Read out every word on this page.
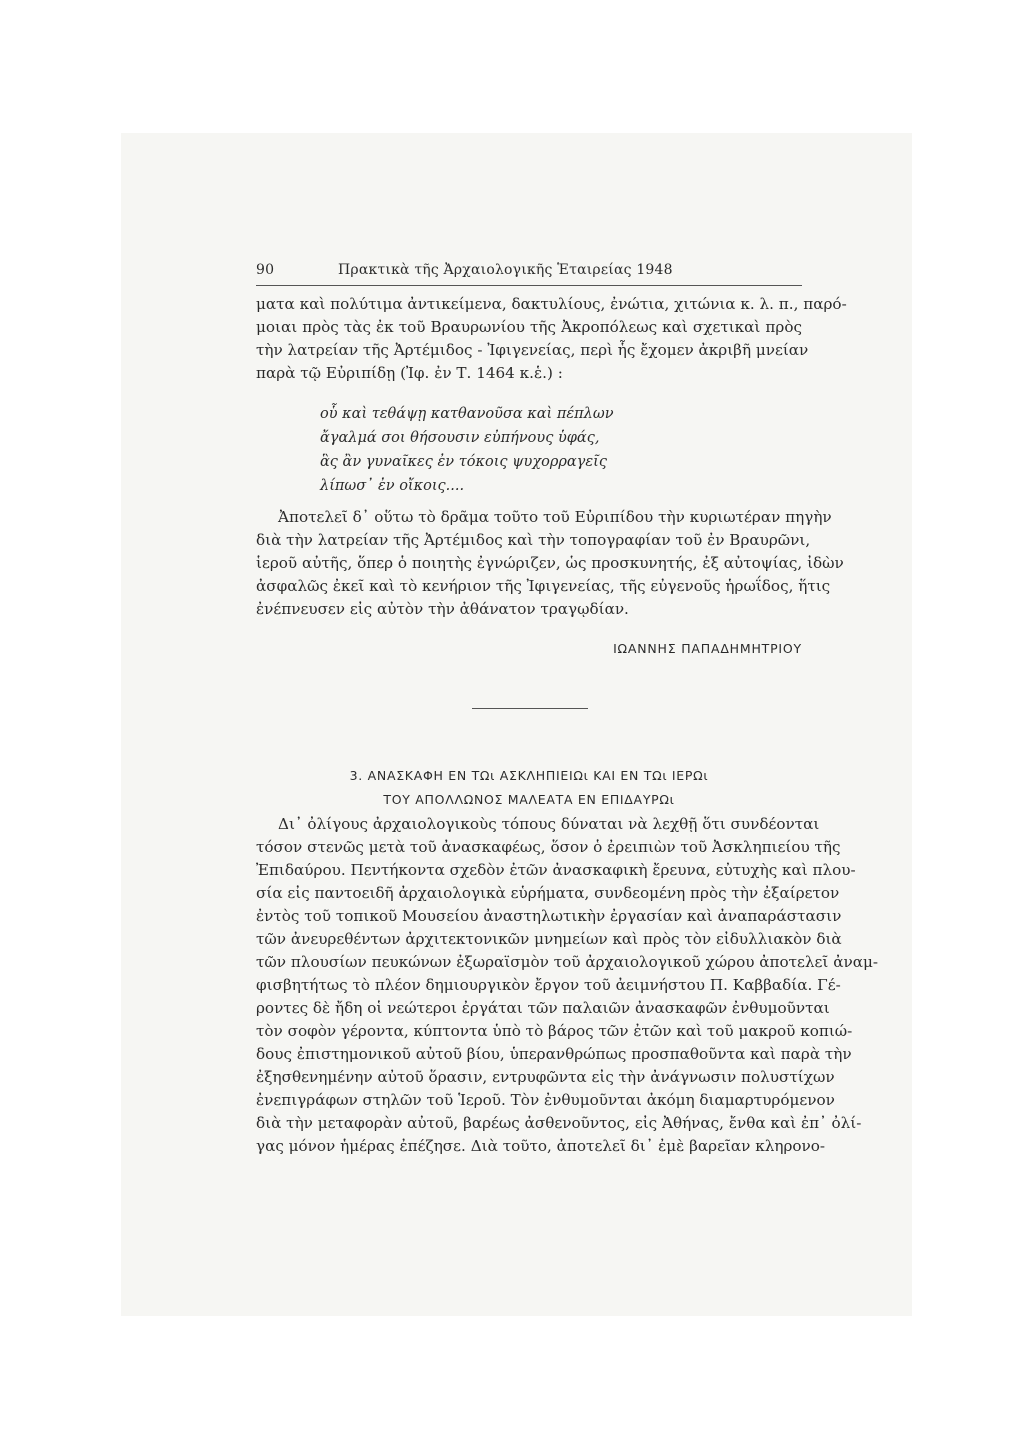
90	Πρακτικὰ τῆς Ἀρχαιολογικῆς Ἑταιρείας 1948
ματα καὶ πολύτιμα ἀντικείμενα, δακτυλίους, ἐνώτια, χιτώνια κ. λ. π., παρό-
μοιαι πρὸς τὰς ἐκ τοῦ Βραυρωνίου τῆς Ἀκροπόλεως καὶ σχετικαὶ πρὸς
τὴν λατρείαν τῆς Ἀρτέμιδος - Ἰφιγενείας, περὶ ἧς ἔχομεν ἀκριβῆ μνείαν
παρὰ τῷ Εὐριπίδῃ (Ἰφ. ἐν Τ. 1464 κ.ἑ.) :
οὗ καὶ τεθάψῃ κατθανοῦσα καὶ πέπλων
ἄγαλμά σοι θήσουσιν εὐπήνους ὑφάς,
ἃς ἂν γυναῖκες ἐν τόκοις ψυχορραγεῖς
λίπωσ᾽ ἐν οἴκοις....
Ἀποτελεῖ δ᾽ οὕτω τὸ δρᾶμα τοῦτο τοῦ Εὐριπίδου τὴν κυριωτέραν πηγὴν
διὰ τὴν λατρείαν τῆς Ἀρτέμιδος καὶ τὴν τοπογραφίαν τοῦ ἐν Βραυρῶνι,
ἱεροῦ αὐτῆς, ὅπερ ὁ ποιητὴς ἐγνώριζεν, ὡς προσκυνητής, ἐξ αὐτοψίας, ἰδὼν
ἀσφαλῶς ἐκεῖ καὶ τὸ κενήριον τῆς Ἰφιγενείας, τῆς εὐγενοῦς ἡρωΐδος, ἥτις
ἐνέπνευσεν εἰς αὐτὸν τὴν ἀθάνατον τραγῳδίαν.
ΙΩΑΝΝΗΣ ΠΑΠΑΔΗΜΗΤΡΙΟΥ
3. ΑΝΑΣΚΑΦΗ ΕΝ ΤΩι ΑΣΚΛΗΠΙΕΙΩι ΚΑΙ ΕΝ ΤΩι ΙΕΡΩι
ΤΟΥ ΑΠΟΛΛΩΝΟΣ ΜΑΛΕΑΤΑ ΕΝ ΕΠΙΔΑΥΡΩι
Δι᾽ ὀλίγους ἀρχαιολογικοὺς τόπους δύναται νὰ λεχθῇ ὅτι συνδέονται
τόσον στενῶς μετὰ τοῦ ἀνασκαφέως, ὅσον ὁ ἐρειπιὼν τοῦ Ἀσκληπιείου τῆς
Ἐπιδαύρου. Πεντήκοντα σχεδὸν ἐτῶν ἀνασκαφικὴ ἔρευνα, εὐτυχὴς καὶ πλου-
σία εἰς παντοειδῆ ἀρχαιολογικὰ εὑρήματα, συνδεομένη πρὸς τὴν ἐξαίρετον
ἐντὸς τοῦ τοπικοῦ Μουσείου ἀναστηλωτικὴν ἐργασίαν καὶ ἀναπαράστασιν
τῶν ἀνευρεθέντων ἀρχιτεκτονικῶν μνημείων καὶ πρὸς τὸν εἰδυλλιακὸν διὰ
τῶν πλουσίων πευκώνων ἐξωραϊσμὸν τοῦ ἀρχαιολογικοῦ χώρου ἀποτελεῖ ἀναμ-
φισβητήτως τὸ πλέον δημιουργικὸν ἔργον τοῦ ἀειμνήστου Π. Καββαδία. Γέ-
ροντες δὲ ἤδη οἱ νεώτεροι ἐργάται τῶν παλαιῶν ἀνασκαφῶν ἐνθυμοῦνται
τὸν σοφὸν γέροντα, κύπτοντα ὑπὸ τὸ βάρος τῶν ἐτῶν καὶ τοῦ μακροῦ κοπιώ-
δους ἐπιστημονικοῦ αὐτοῦ βίου, ὑπερανθρώπως προσπαθοῦντα καὶ παρὰ τὴν
ἐξησθενημένην αὐτοῦ ὅρασιν, εντρυφῶντα εἰς τὴν ἀνάγνωσιν πολυστίχων
ἐνεπιγράφων στηλῶν τοῦ Ἱεροῦ. Τὸν ἐνθυμοῦνται ἀκόμη διαμαρτυρόμενον
διὰ τὴν μεταφορὰν αὐτοῦ, βαρέως ἀσθενοῦντος, εἰς Ἀθήνας, ἔνθα καὶ ἐπ᾽ ὀλί-
γας μόνον ἡμέρας ἐπέζησε. Διὰ τοῦτο, ἀποτελεῖ δι᾽ ἐμὲ βαρεῖαν κληρονο-
